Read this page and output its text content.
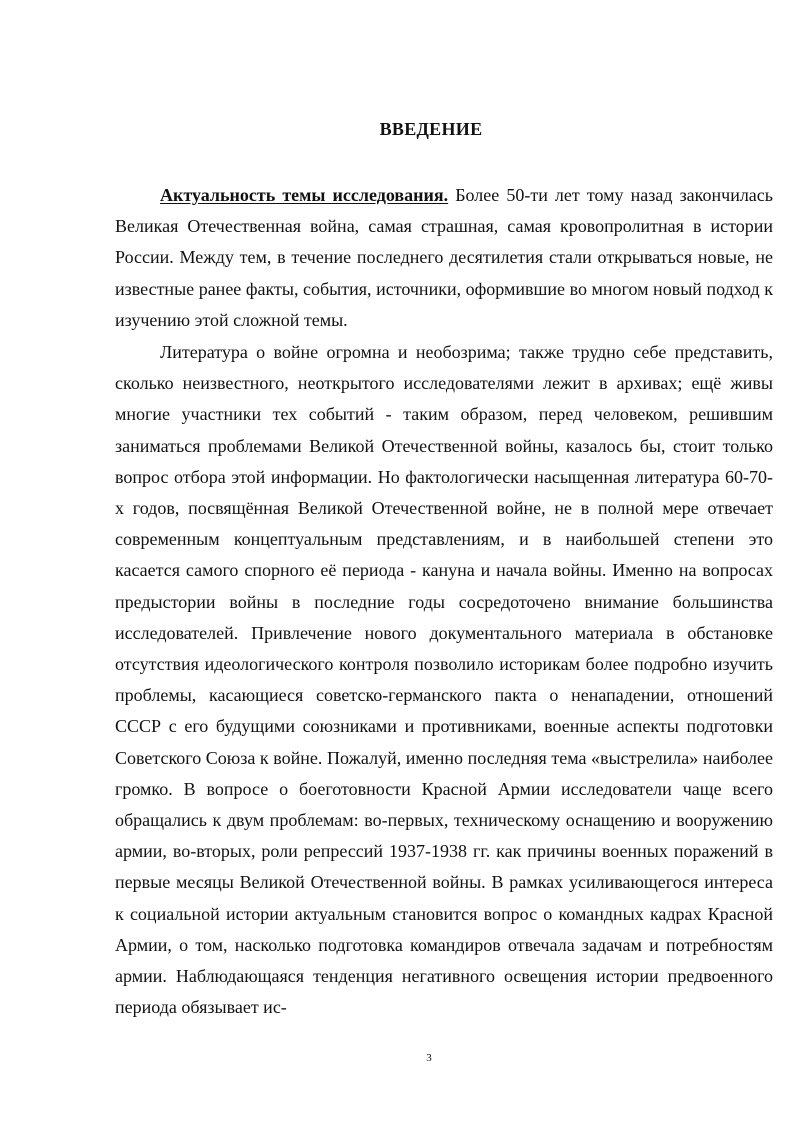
ВВЕДЕНИЕ

Актуальность темы исследования. Более 50-ти лет тому назад закончилась Великая Отечественная война, самая страшная, самая кровопролитная в истории России. Между тем, в течение последнего десятилетия стали открываться новые, не известные ранее факты, события, источники, оформившие во многом новый подход к изучению этой сложной темы.

Литература о войне огромна и необозрима; также трудно себе представить, сколько неизвестного, неоткрытого исследователями лежит в архивах; ещё живы многие участники тех событий - таким образом, перед человеком, решившим заниматься проблемами Великой Отечественной войны, казалось бы, стоит только вопрос отбора этой информации. Но фактологически насыщенная литература 60-70-х годов, посвящённая Великой Отечественной войне, не в полной мере отвечает современным концептуальным представлениям, и в наибольшей степени это касается самого спорного её периода - кануна и начала войны. Именно на вопросах предыстории войны в последние годы сосредоточено внимание большинства исследователей. Привлечение нового документального материала в обстановке отсутствия идеологического контроля позволило историкам более подробно изучить проблемы, касающиеся советско-германского пакта о ненападении, отношений СССР с его будущими союзниками и противниками, военные аспекты подготовки Советского Союза к войне. Пожалуй, именно последняя тема «выстрелила» наиболее громко. В вопросе о боеготовности Красной Армии исследователи чаще всего обращались к двум проблемам: во-первых, техническому оснащению и вооружению армии, во-вторых, роли репрессий 1937-1938 гг. как причины военных поражений в первые месяцы Великой Отечественной войны. В рамках усиливающегося интереса к социальной истории актуальным становится вопрос о командных кадрах Красной Армии, о том, насколько подготовка командиров отвечала задачам и потребностям армии. Наблюдающаяся тенденция негативного освещения истории предвоенного периода обязывает ис-

3
